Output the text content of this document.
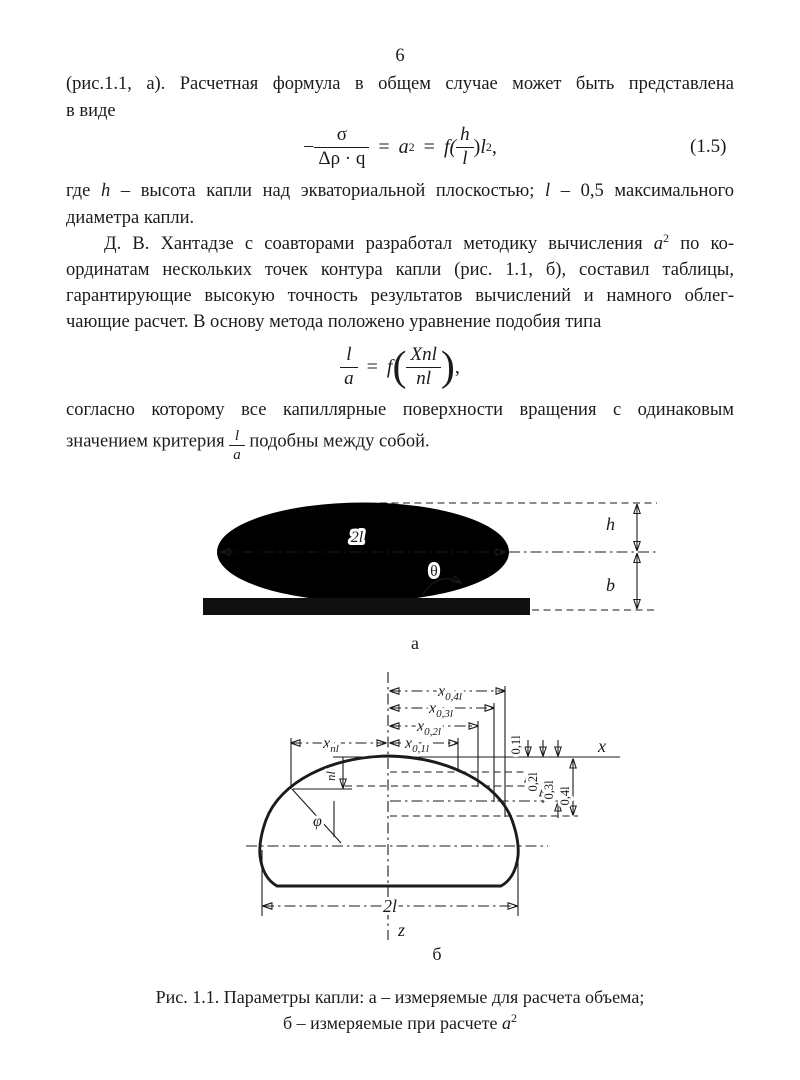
6
(рис.1.1, а). Расчетная формула в общем случае может быть представлена
в виде
− $\frac{\sigma}{\Delta\rho \cdot q} = a$ $2 = f( \frac{h}{l}$ ) l 2 ,	(1.5)
где h – высота капли над экваториальной плоскостью; l – 0,5 максимального
диаметра капли.
Д. В. Хантадзе с соавторами разработал методику вычисления $a^2$ по ко-
ординатам нескольких точек контура капли (рис. 1.1, б), составил таблицы,
гарантирующие высокую точность результатов вычислений и намного облег-
чающие расчет. В основу метода положено уравнение подобия типа
$\frac{l}{a} = f$ ( $\frac{\text{Xnl}}{nl}$ ) ,
согласно которому все капиллярные поверхности вращения с одинаковым
значением критерия $\frac{l}{a}$ подобны между собой.
2l
θ
h
b
а
x
$x_{0,4l}$
$x_{0,3l}$
$x_{0,2l}$
$x_{0,1l}$
$x_{nl}$
nl
φ
0,1l
0,2l 0,3l 0,4l
2l
z
б
Рис. 1.1. Параметры капли: а – измеряемые для расчета объема;
б – измеряемые при расчете $а^2$
